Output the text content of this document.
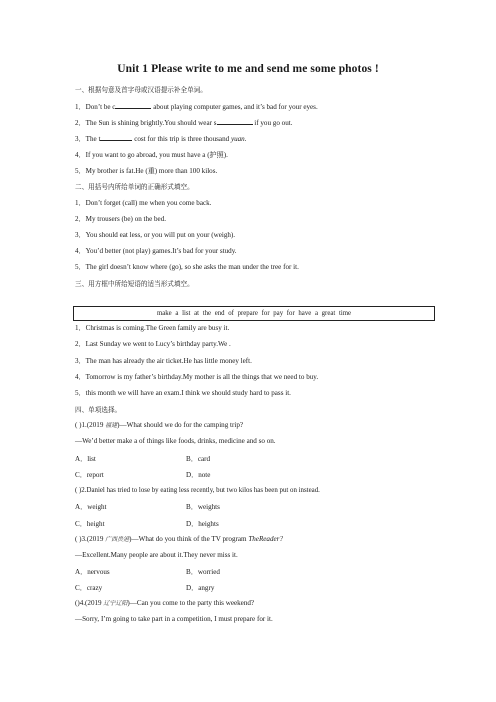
Unit 1 Please write to me and send me some photos !
一、根据句意及首字母或汉语提示补全单词。
1．Don’t be c	about playing computer games, and it’s bad for your eyes.
2．The Sun is shining brightly.You should wear s	if you go out.
3．The t	cost for this trip is three thousand yuan.
4．If you want to go abroad, you must have a (护照).
5．My brother is fat.He (重) more than 100 kilos.
二、用括号内所给单词的正确形式填空。
1．Don’t forget (call) me when you come back.
2．My trousers (be) on the bed.
3．You should eat less, or you will put on your (weigh).
4．You’d better (not play) games.It’s bad for your study.
5．The girl doesn’t know where (go), so she asks the man under the tree for it.
三、用方框中所给短语的适当形式填空。
make a list at the end of prepare for pay for have a great time
1．Christmas is coming.The Green family are busy it.
2．Last Sunday we went to Lucy’s birthday party.We .
3．The man has already the air ticket.He has little money left.
4．Tomorrow is my father’s birthday.My mother is all the things that we need to buy.
5．this month we will have an exam.I think we should study hard to pass it.
四、单项选择。
( )1.(2019 福建)—What should we do for the camping trip?
—We’d better make a of things like foods, drinks, medicine and so on.
A．list	B．card
C．report	D．note
( )2.Daniel has tried to lose by eating less recently, but two kilos has been put on instead.
A．weight	B．weights
C．height	D．heights
( )3.(2019 广西贵港)—What do you think of the TV program TheReader?
—Excellent.Many people are about it.They never miss it.
A．nervous	B．worried
C．crazy	D．angry
()4.(2019 辽宁辽阳)—Can you come to the party this weekend?
—Sorry, I’m going to take part in a competition, I must prepare for it.
